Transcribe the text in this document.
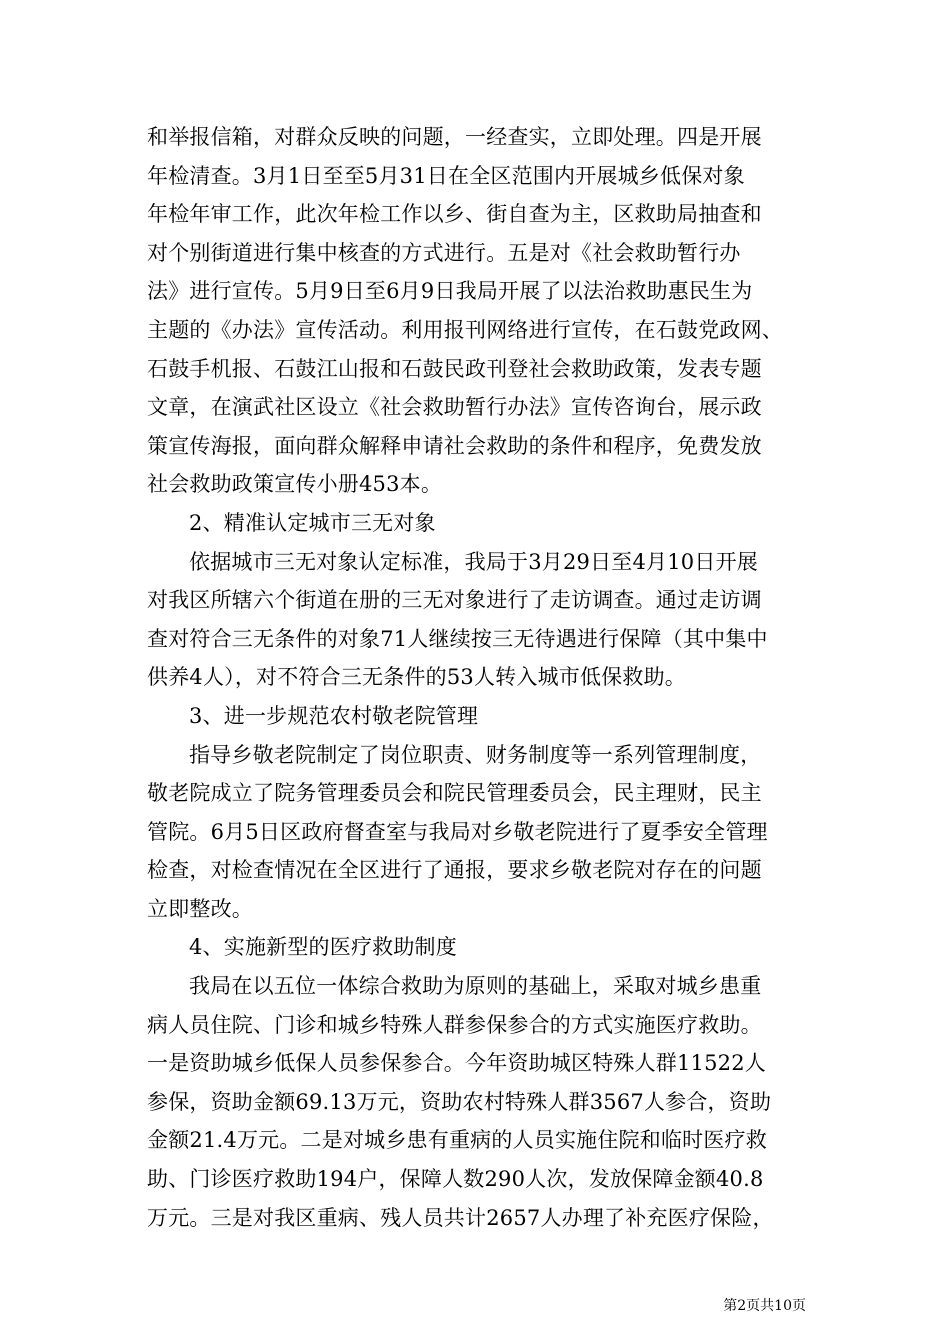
和举报信箱，对群众反映的问题，一经查实，立即处理。四是开展
年检清查。3月1日至至5月31日在全区范围内开展城乡低保对象
年检年审工作，此次年检工作以乡、街自查为主，区救助局抽查和
对个别街道进行集中核查的方式进行。五是对《社会救助暂行办
法》进行宣传。5月9日至6月9日我局开展了以法治救助惠民生为
主题的《办法》宣传活动。利用报刊网络进行宣传，在石鼓党政网、
石鼓手机报、石鼓江山报和石鼓民政刊登社会救助政策，发表专题
文章，在演武社区设立《社会救助暂行办法》宣传咨询台，展示政
策宣传海报，面向群众解释申请社会救助的条件和程序，免费发放
社会救助政策宣传小册453本。
2、精准认定城市三无对象
依据城市三无对象认定标准，我局于3月29日至4月10日开展
对我区所辖六个街道在册的三无对象进行了走访调查。通过走访调
查对符合三无条件的对象71人继续按三无待遇进行保障（其中集中
供养4人），对不符合三无条件的53人转入城市低保救助。
3、进一步规范农村敬老院管理
指导乡敬老院制定了岗位职责、财务制度等一系列管理制度，
敬老院成立了院务管理委员会和院民管理委员会，民主理财，民主
管院。6月5日区政府督查室与我局对乡敬老院进行了夏季安全管理
检查，对检查情况在全区进行了通报，要求乡敬老院对存在的问题
立即整改。
4、实施新型的医疗救助制度
我局在以五位一体综合救助为原则的基础上，采取对城乡患重
病人员住院、门诊和城乡特殊人群参保参合的方式实施医疗救助。
一是资助城乡低保人员参保参合。今年资助城区特殊人群11522人
参保，资助金额69.13万元，资助农村特殊人群3567人参合，资助
金额21.4万元。二是对城乡患有重病的人员实施住院和临时医疗救
助、门诊医疗救助194户，保障人数290人次，发放保障金额40.8
万元。三是对我区重病、残人员共计2657人办理了补充医疗保险，
第2页共10页
